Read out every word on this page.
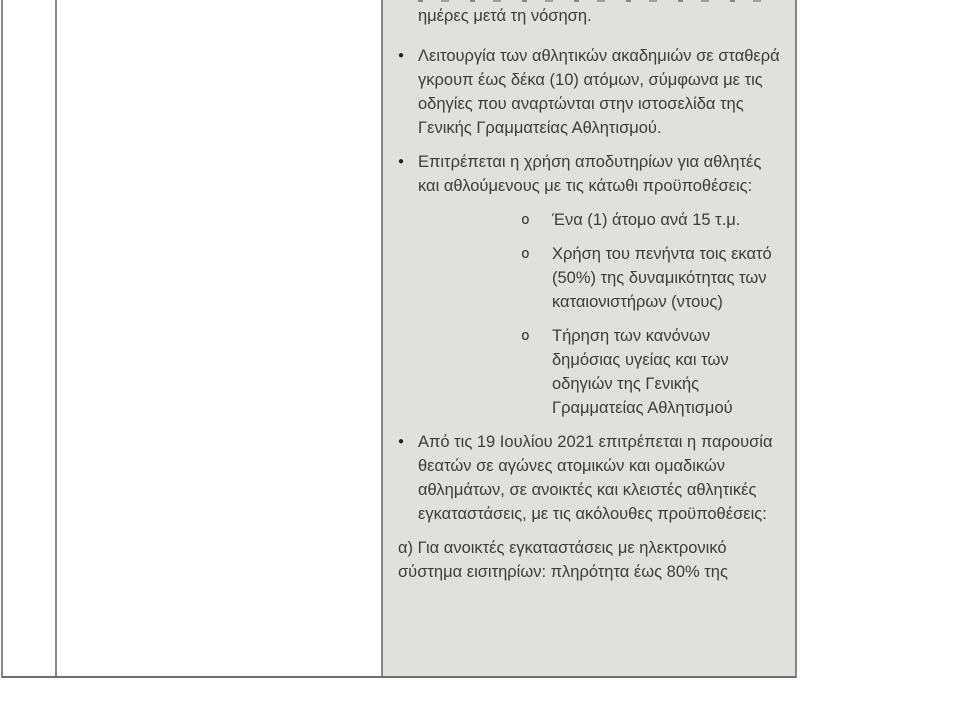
ημέρες μετά τη νόσηση.
● Λειτουργία των αθλητικών ακαδημιών σε σταθερά γκρουπ έως δέκα (10) ατόμων, σύμφωνα με τις οδηγίες που αναρτώνται στην ιστοσελίδα της Γενικής Γραμματείας Αθλητισμού.
● Επιτρέπεται η χρήση αποδυτηρίων για αθλητές και αθλούμενους με τις κάτωθι προϋποθέσεις:
o	Ένα (1) άτομο ανά 15 τ.μ.
o	Χρήση του πενήντα τοις εκατό (50%) της δυναμικότητας των καταιονιστήρων (ντους)
o	Τήρηση των κανόνων δημόσιας υγείας και των οδηγιών της Γενικής Γραμματείας Αθλητισμού
● Από τις 19 Ιουλίου 2021 επιτρέπεται η παρουσία θεατών σε αγώνες ατομικών και ομαδικών αθλημάτων, σε ανοικτές και κλειστές αθλητικές εγκαταστάσεις, με τις ακόλουθες προϋποθέσεις:
α) Για ανοικτές εγκαταστάσεις με ηλεκτρονικό σύστημα εισιτηρίων: πληρότητα έως 80% της
